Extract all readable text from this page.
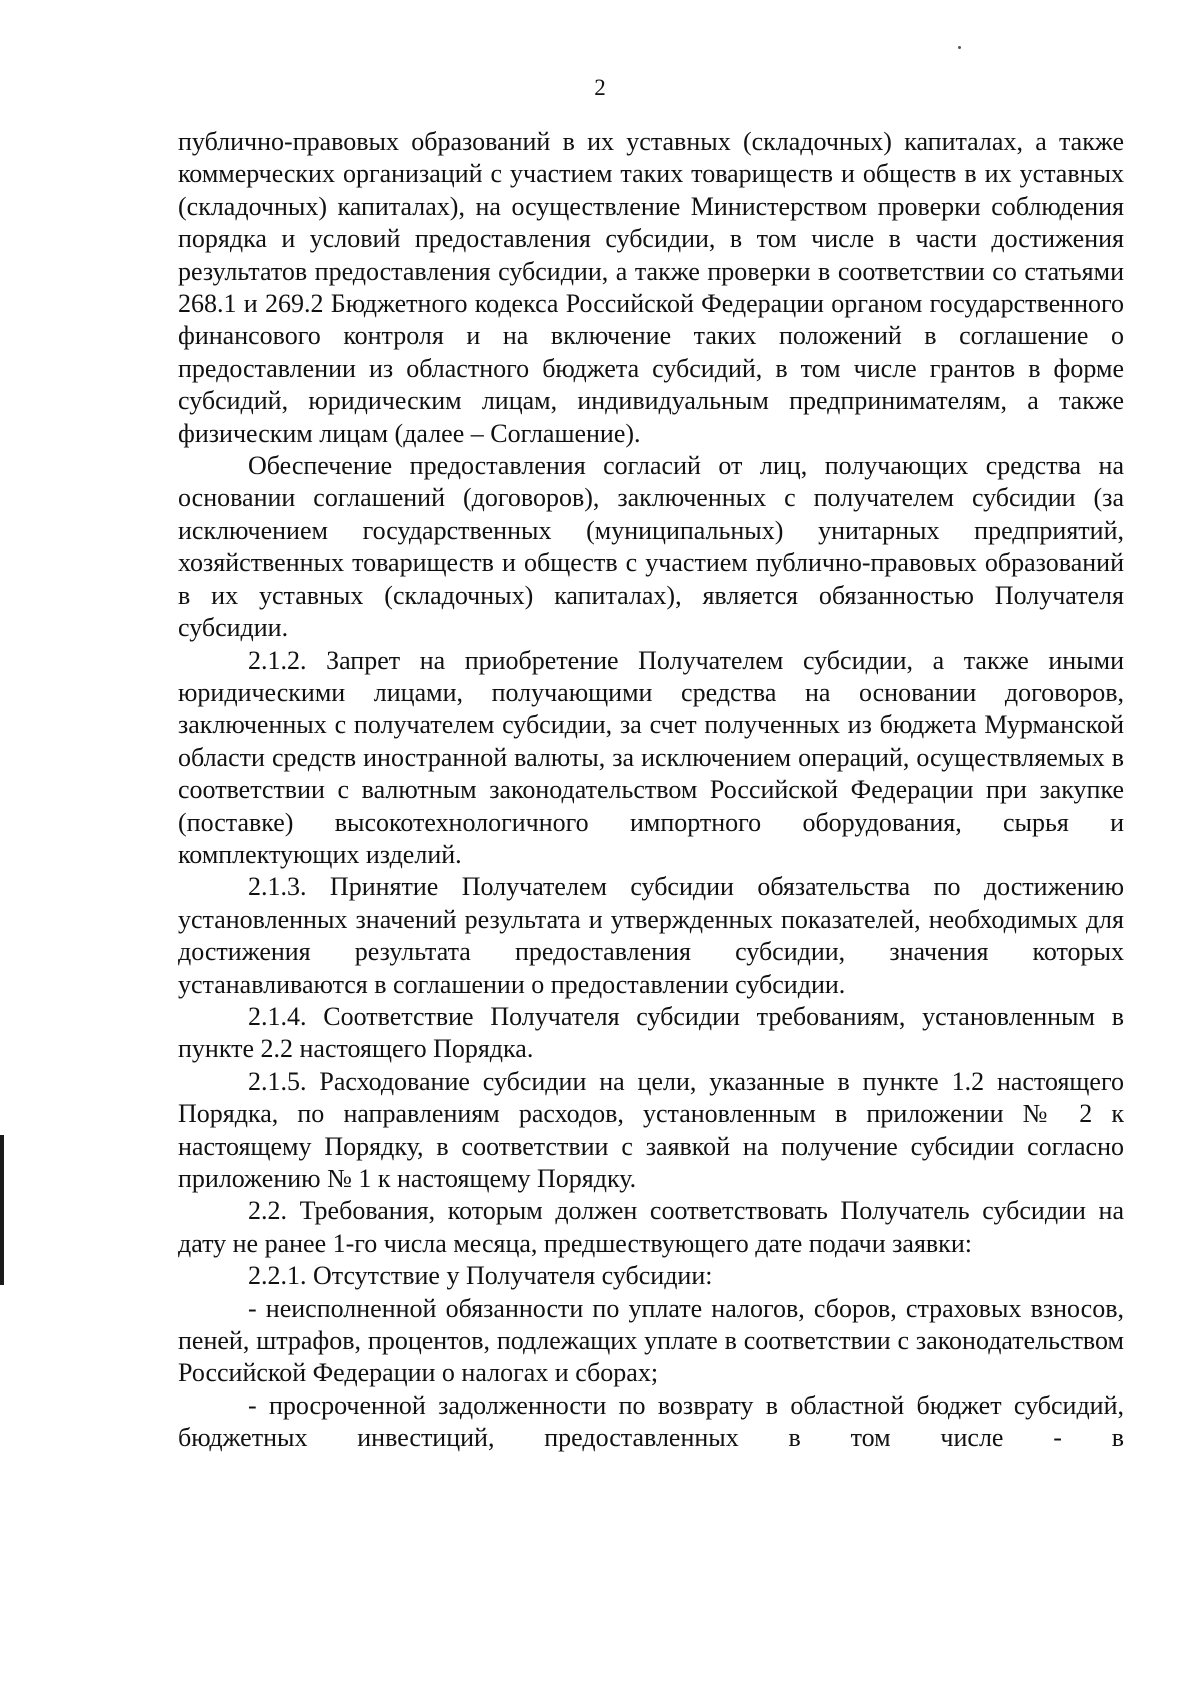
2

публично-правовых образований в их уставных (складочных) капиталах, а также коммерческих организаций с участием таких товариществ и обществ в их уставных (складочных) капиталах), на осуществление Министерством проверки соблюдения порядка и условий предоставления субсидии, в том числе в части достижения результатов предоставления субсидии, а также проверки в соответствии со статьями 268.1 и 269.2 Бюджетного кодекса Российской Федерации органом государственного финансового контроля и на включение таких положений в соглашение о предоставлении из областного бюджета субсидий, в том числе грантов в форме субсидий, юридическим лицам, индивидуальным предпринимателям, а также физическим лицам (далее – Соглашение).

Обеспечение предоставления согласий от лиц, получающих средства на основании соглашений (договоров), заключенных с получателем субсидии (за исключением государственных (муниципальных) унитарных предприятий, хозяйственных товариществ и обществ с участием публично-правовых образований в их уставных (складочных) капиталах), является обязанностью Получателя субсидии.

2.1.2. Запрет на приобретение Получателем субсидии, а также иными юридическими лицами, получающими средства на основании договоров, заключенных с получателем субсидии, за счет полученных из бюджета Мурманской области средств иностранной валюты, за исключением операций, осуществляемых в соответствии с валютным законодательством Российской Федерации при закупке (поставке) высокотехнологичного импортного оборудования, сырья и комплектующих изделий.

2.1.3. Принятие Получателем субсидии обязательства по достижению установленных значений результата и утвержденных показателей, необходимых для достижения результата предоставления субсидии, значения которых устанавливаются в соглашении о предоставлении субсидии.

2.1.4. Соответствие Получателя субсидии требованиям, установленным в пункте 2.2 настоящего Порядка.

2.1.5. Расходование субсидии на цели, указанные в пункте 1.2 настоящего Порядка, по направлениям расходов, установленным в приложении № 2 к настоящему Порядку, в соответствии с заявкой на получение субсидии согласно приложению № 1 к настоящему Порядку.

2.2. Требования, которым должен соответствовать Получатель субсидии на дату не ранее 1-го числа месяца, предшествующего дате подачи заявки:

2.2.1. Отсутствие у Получателя субсидии:

- неисполненной обязанности по уплате налогов, сборов, страховых взносов, пеней, штрафов, процентов, подлежащих уплате в соответствии с законодательством Российской Федерации о налогах и сборах;

- просроченной задолженности по возврату в областной бюджет субсидий, бюджетных инвестиций, предоставленных в том числе - в
